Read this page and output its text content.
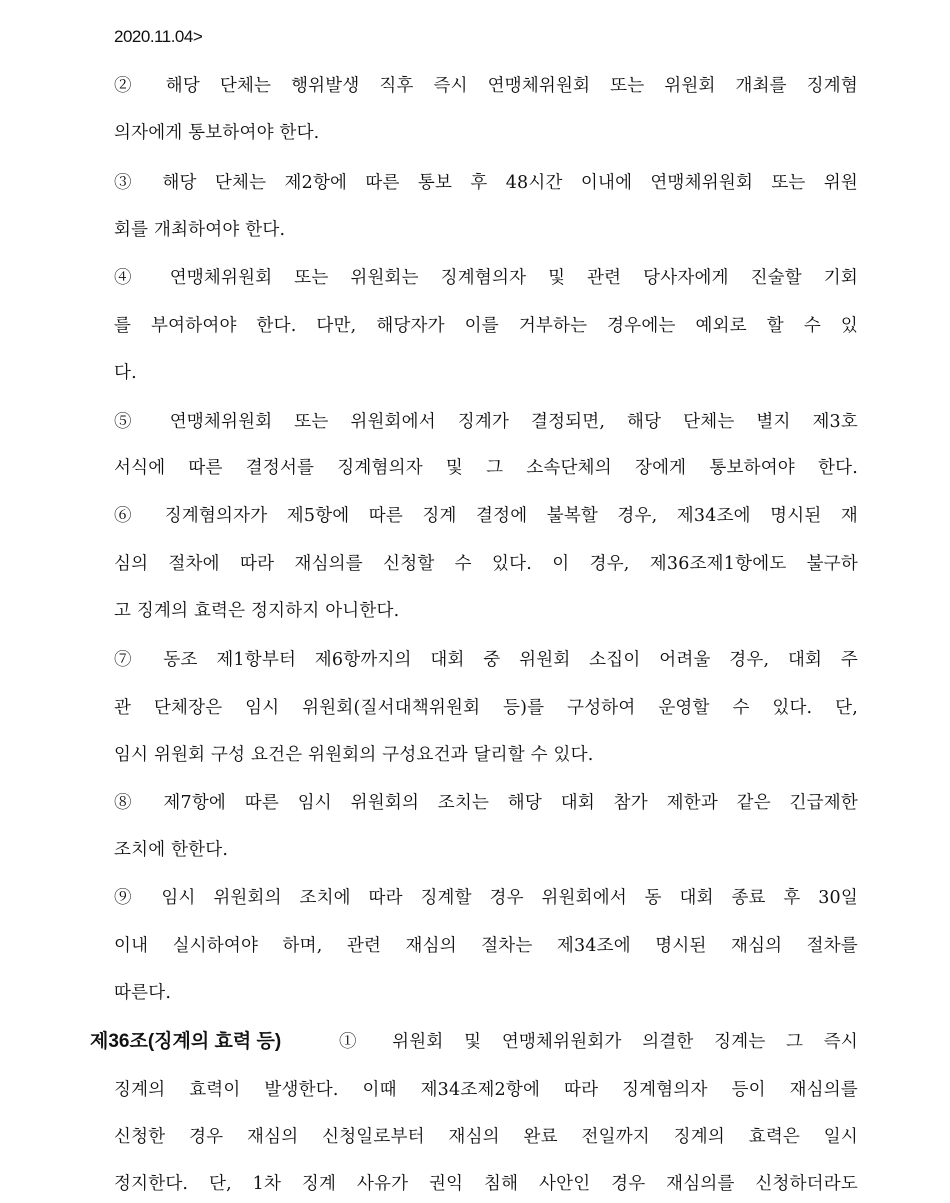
2020.11.04>
② 해당 단체는 행위발생 직후 즉시 연맹체위원회 또는 위원회 개최를 징계혐
의자에게 통보하여야 한다.
③ 해당 단체는 제2항에 따른 통보 후 48시간 이내에 연맹체위원회 또는 위원
회를 개최하여야 한다.
④ 연맹체위원회 또는 위원회는 징계혐의자 및 관련 당사자에게 진술할 기회
를 부여하여야 한다. 다만, 해당자가 이를 거부하는 경우에는 예외로 할 수 있
다.
⑤ 연맹체위원회 또는 위원회에서 징계가 결정되면, 해당 단체는 별지 제3호
서식에 따른 결정서를 징계혐의자 및 그 소속단체의 장에게 통보하여야 한다.
⑥ 징계혐의자가 제5항에 따른 징계 결정에 불복할 경우, 제34조에 명시된 재
심의 절차에 따라 재심의를 신청할 수 있다. 이 경우, 제36조제1항에도 불구하
고 징계의 효력은 정지하지 아니한다.
⑦ 동조 제1항부터 제6항까지의 대회 중 위원회 소집이 어려울 경우, 대회 주
관 단체장은 임시 위원회(질서대책위원회 등)를 구성하여 운영할 수 있다. 단,
임시 위원회 구성 요건은 위원회의 구성요건과 달리할 수 있다.
⑧ 제7항에 따른 임시 위원회의 조치는 해당 대회 참가 제한과 같은 긴급제한
조치에 한한다.
⑨ 임시 위원회의 조치에 따라 징계할 경우 위원회에서 동 대회 종료 후 30일
이내 실시하여야 하며, 관련 재심의 절차는 제34조에 명시된 재심의 절차를
따른다.
제36조(징계의 효력 등)	① 위원회 및 연맹체위원회가 의결한 징계는 그 즉시
징계의 효력이 발생한다. 이때 제34조제2항에 따라 징계혐의자 등이 재심의를
신청한 경우 재심의 신청일로부터 재심의 완료 전일까지 징계의 효력은 일시
정지한다. 단, 1차 징계 사유가 권익 침해 사안인 경우 재심의를 신청하더라도
